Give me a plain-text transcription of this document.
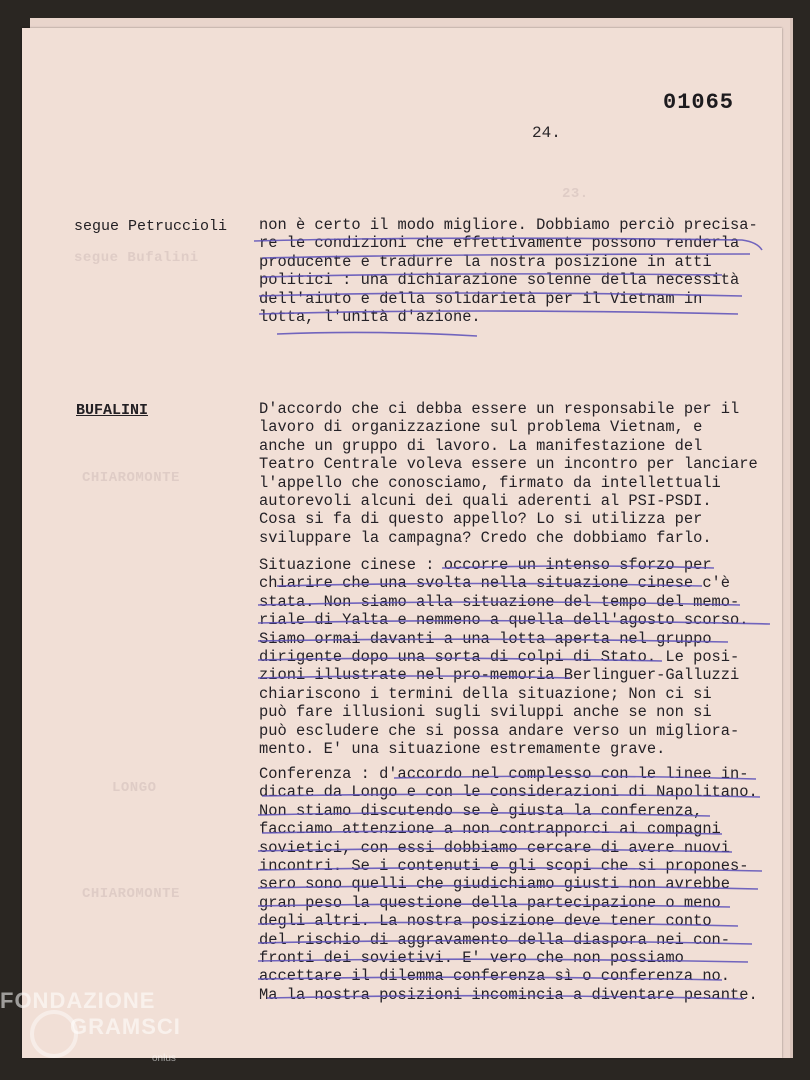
23.
segue Bufalini
CHIAROMONTE
LONGO
CHIAROMONTE
01065
24.
segue Petruccioli non è certo il modo migliore. Dobbiamo perciò precisa-
re le condizioni che effettivamente possono renderla
producente e tradurre la nostra posizione in atti
politici : una dichiarazione solenne della necessità
dell'aiuto e della solidarietà per il Vietnam in
lotta, l'unità d'azione.
BUFALINI	D'accordo che ci debba essere un responsabile per il
lavoro di organizzazione sul problema Vietnam, e
anche un gruppo di lavoro. La manifestazione del
Teatro Centrale voleva essere un incontro per lanciare
l'appello che conosciamo, firmato da intellettuali
autorevoli alcuni dei quali aderenti al PSI-PSDI.
Cosa si fa di questo appello? Lo si utilizza per
sviluppare la campagna? Credo che dobbiamo farlo.
Situazione cinese : occorre un intenso sforzo per
chiarire che una svolta nella situazione cinese c'è
stata. Non siamo alla situazione del tempo del memo-
riale di Yalta e nemmeno a quella dell'agosto scorso.
Siamo ormai davanti a una lotta aperta nel gruppo
dirigente dopo una sorta di colpi di Stato. Le posi-
zioni illustrate nel pro-memoria Berlinguer-Galluzzi
chiariscono i termini della situazione; Non ci si
può fare illusioni sugli sviluppi anche se non si
può escludere che si possa andare verso un migliora-
mento. E' una situazione estremamente grave.
Conferenza : d'accordo nel complesso con le linee in-
dicate da Longo e con le considerazioni di Napolitano.
Non stiamo discutendo se è giusta la conferenza,
facciamo attenzione a non contrapporci ai compagni
sovietici, con essi dobbiamo cercare di avere nuovi
incontri. Se i contenuti e gli scopi che si propones-
sero sono quelli che giudichiamo giusti non avrebbe
gran peso la questione della partecipazione o meno
degli altri. La nostra posizione deve tener conto
del rischio di aggravamento della diaspora nei con-
fronti dei sovietivi. E' vero che non possiamo
accettare il dilemma conferenza sì o conferenza no.
Ma la nostra posizioni incomincia a diventare pesante.
FONDAZIONE
GRAMSCI
onlus
